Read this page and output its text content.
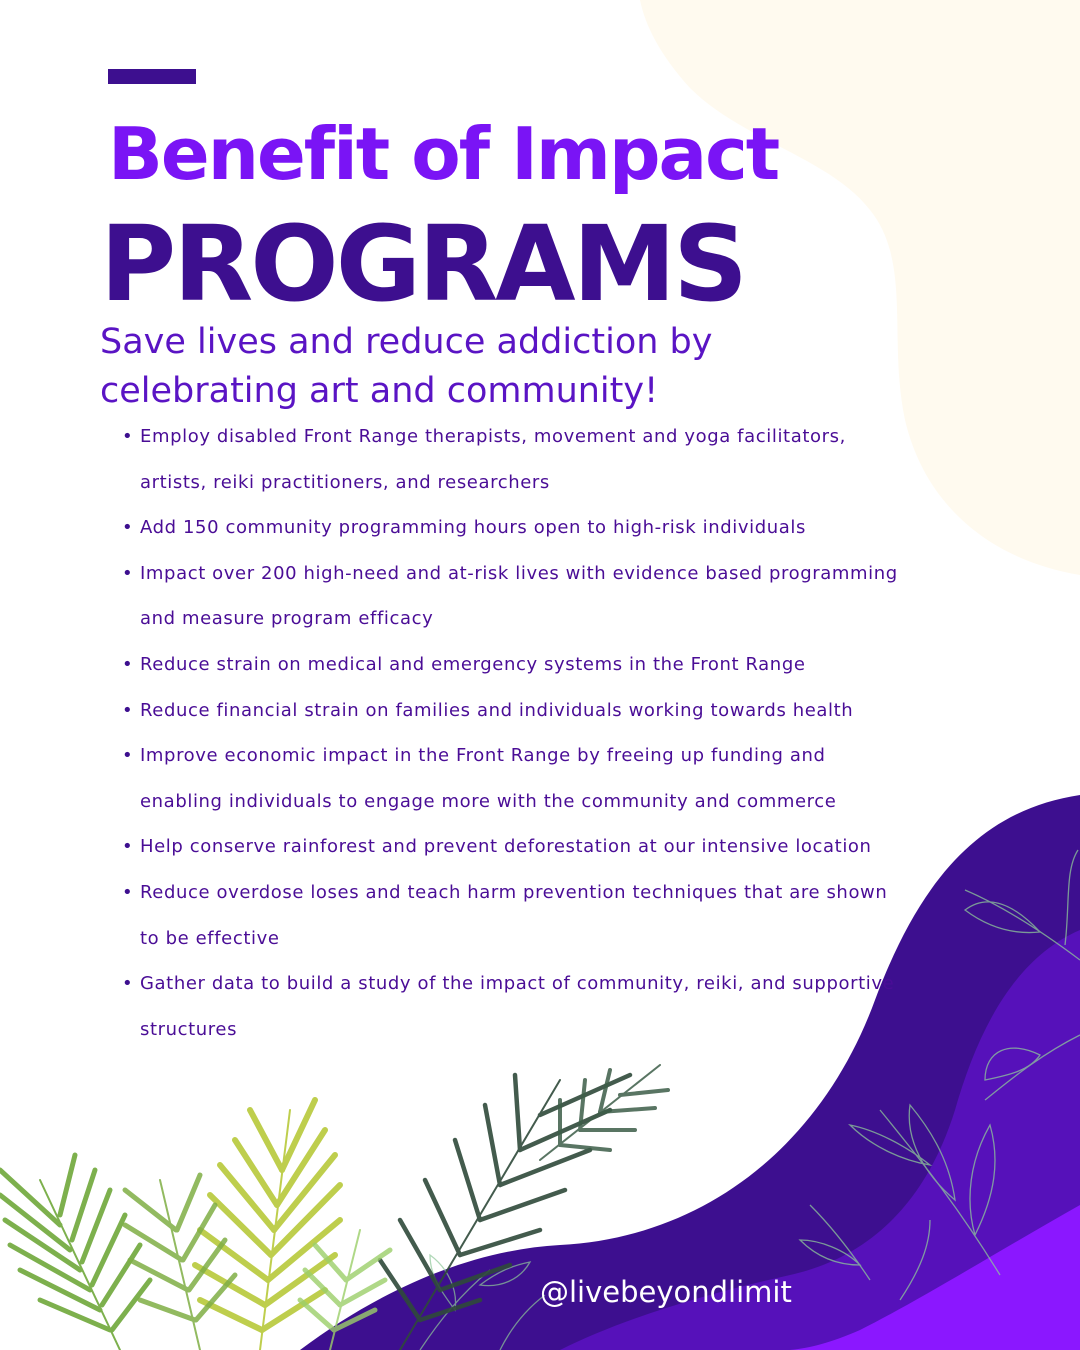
Benefit of Impact
PROGRAMS

Save lives and reduce addiction by celebrating art and community!

• Employ disabled Front Range therapists, movement and yoga facilitators, artists, reiki practitioners, and researchers
• Add 150 community programming hours open to high-risk individuals
• Impact over 200 high-need and at-risk lives with evidence based programming and measure program efficacy
• Reduce strain on medical and emergency systems in the Front Range
• Reduce financial strain on families and individuals working towards health
• Improve economic impact in the Front Range by freeing up funding and enabling individuals to engage more with the community and commerce
• Help conserve rainforest and prevent deforestation at our intensive location
• Reduce overdose loses and teach harm prevention techniques that are shown to be effective
• Gather data to build a study of the impact of community, reiki, and supportive structures

@livebeyondlimit
